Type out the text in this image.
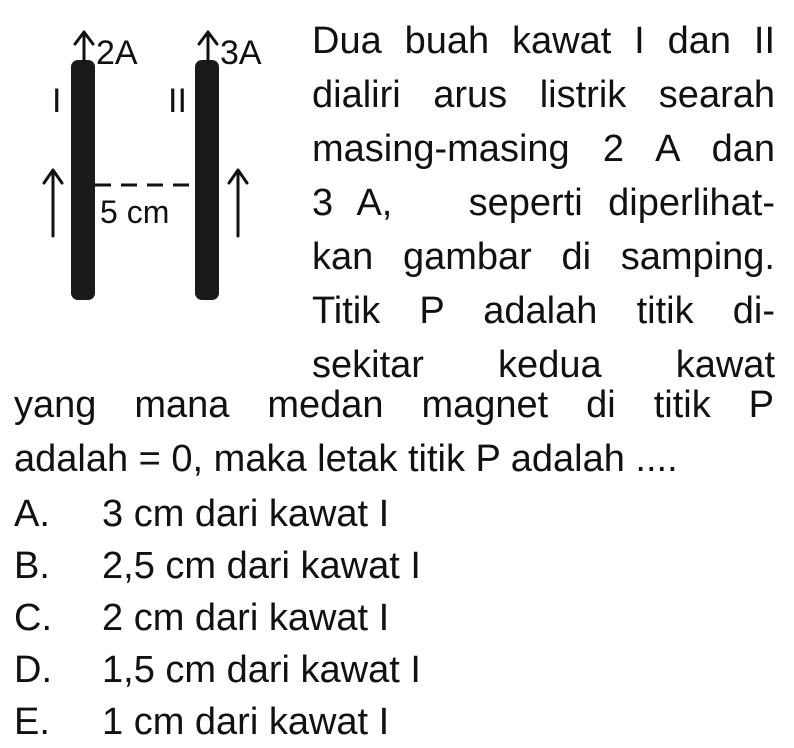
2A 3A
I	II
5 cm

Dua buah kawat I dan II
dialiri arus listrik searah
masing-masing 2 A dan
3 A,   seperti diperlihat-
kan gambar di samping.
Titik P adalah titik di-
sekitar kedua kawat

yang mana medan magnet di titik P
adalah = 0, maka letak titik P adalah ....

A.	3 cm dari kawat I
B.	2,5 cm dari kawat I
C.	2 cm dari kawat I
D.	1,5 cm dari kawat I
E.	1 cm dari kawat I
